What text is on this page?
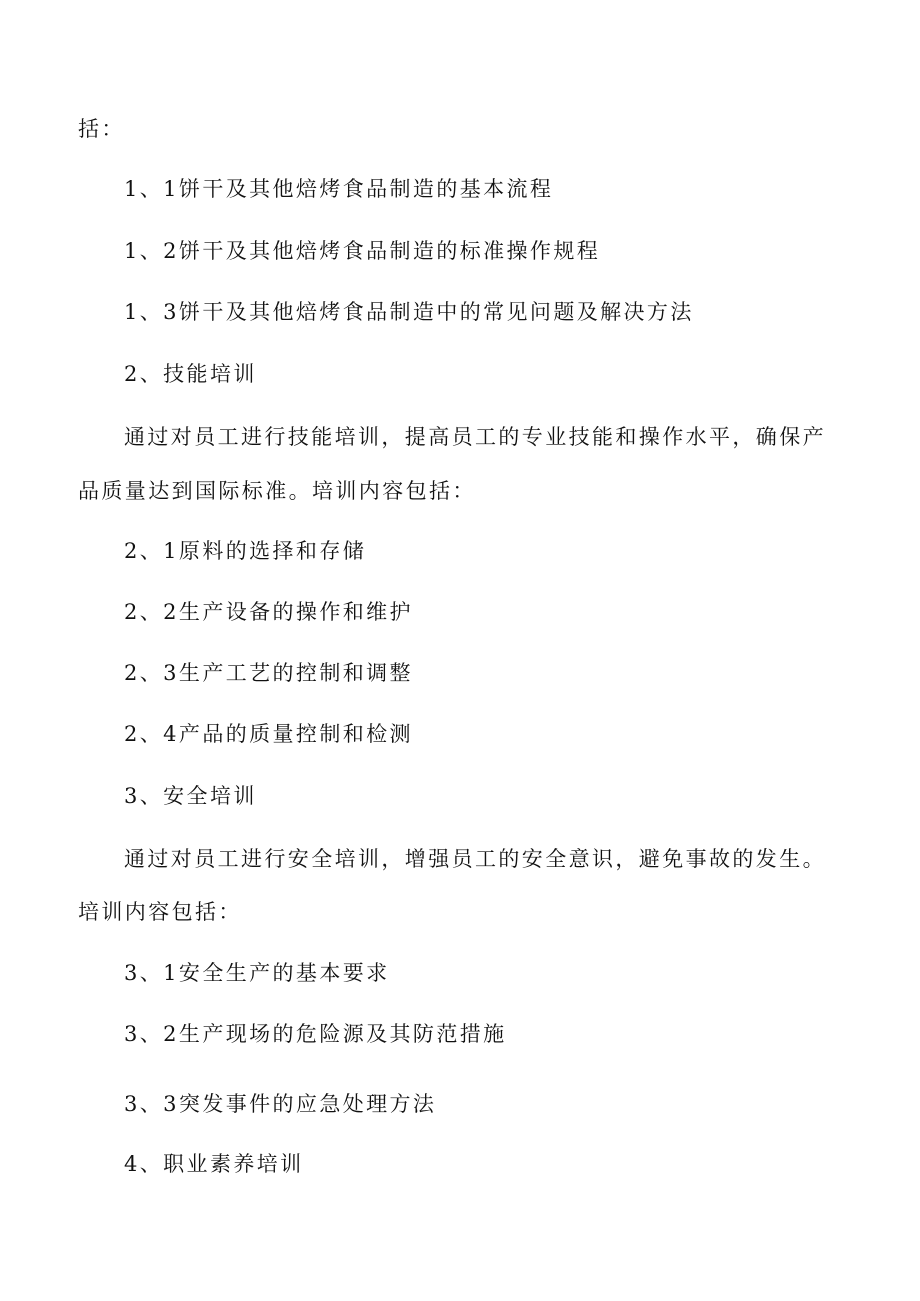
括：
1、1饼干及其他焙烤食品制造的基本流程
1、2饼干及其他焙烤食品制造的标准操作规程
1、3饼干及其他焙烤食品制造中的常见问题及解决方法
2、技能培训
通过对员工进行技能培训，提高员工的专业技能和操作水平，确保产
品质量达到国际标准。培训内容包括：
2、1原料的选择和存储
2、2生产设备的操作和维护
2、3生产工艺的控制和调整
2、4产品的质量控制和检测
3、安全培训
通过对员工进行安全培训，增强员工的安全意识，避免事故的发生。
培训内容包括：
3、1安全生产的基本要求
3、2生产现场的危险源及其防范措施
3、3突发事件的应急处理方法
4、职业素养培训
